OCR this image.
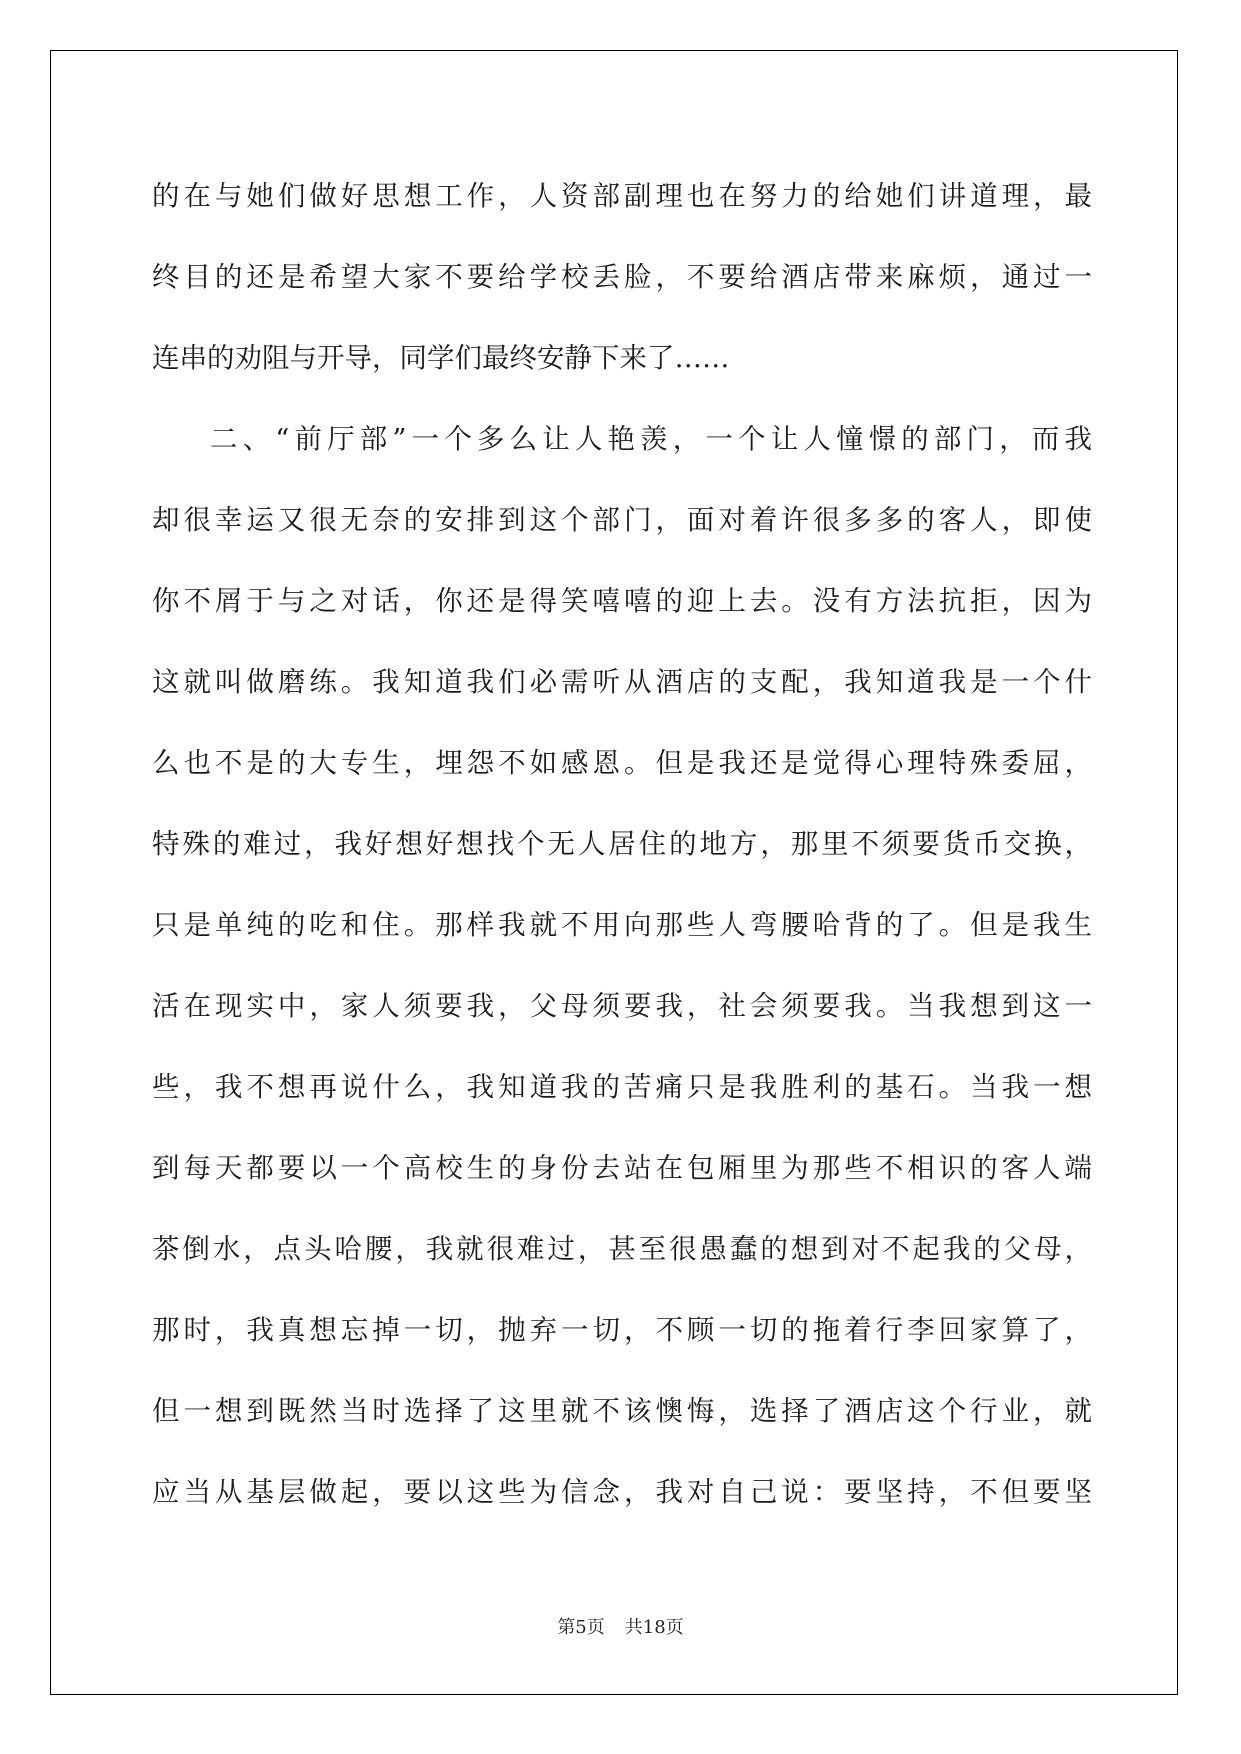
的在与她们做好思想工作，人资部副理也在努力的给她们讲道理，最
终目的还是希望大家不要给学校丢脸，不要给酒店带来麻烦，通过一
连串的劝阻与开导，同学们最终安静下来了……
二、“前厅部”一个多么让人艳羡，一个让人憧憬的部门，而我
却很幸运又很无奈的安排到这个部门，面对着许很多多的客人，即使
你不屑于与之对话，你还是得笑嘻嘻的迎上去。没有方法抗拒，因为
这就叫做磨练。我知道我们必需听从酒店的支配，我知道我是一个什
么也不是的大专生，埋怨不如感恩。但是我还是觉得心理特殊委屈，
特殊的难过，我好想好想找个无人居住的地方，那里不须要货币交换，
只是单纯的吃和住。那样我就不用向那些人弯腰哈背的了。但是我生
活在现实中，家人须要我，父母须要我，社会须要我。当我想到这一
些，我不想再说什么，我知道我的苦痛只是我胜利的基石。当我一想
到每天都要以一个高校生的身份去站在包厢里为那些不相识的客人端
茶倒水，点头哈腰，我就很难过，甚至很愚蠢的想到对不起我的父母，
那时，我真想忘掉一切，抛弃一切，不顾一切的拖着行李回家算了，
但一想到既然当时选择了这里就不该懊悔，选择了酒店这个行业，就
应当从基层做起，要以这些为信念，我对自己说：要坚持，不但要坚
第5页 共18页
